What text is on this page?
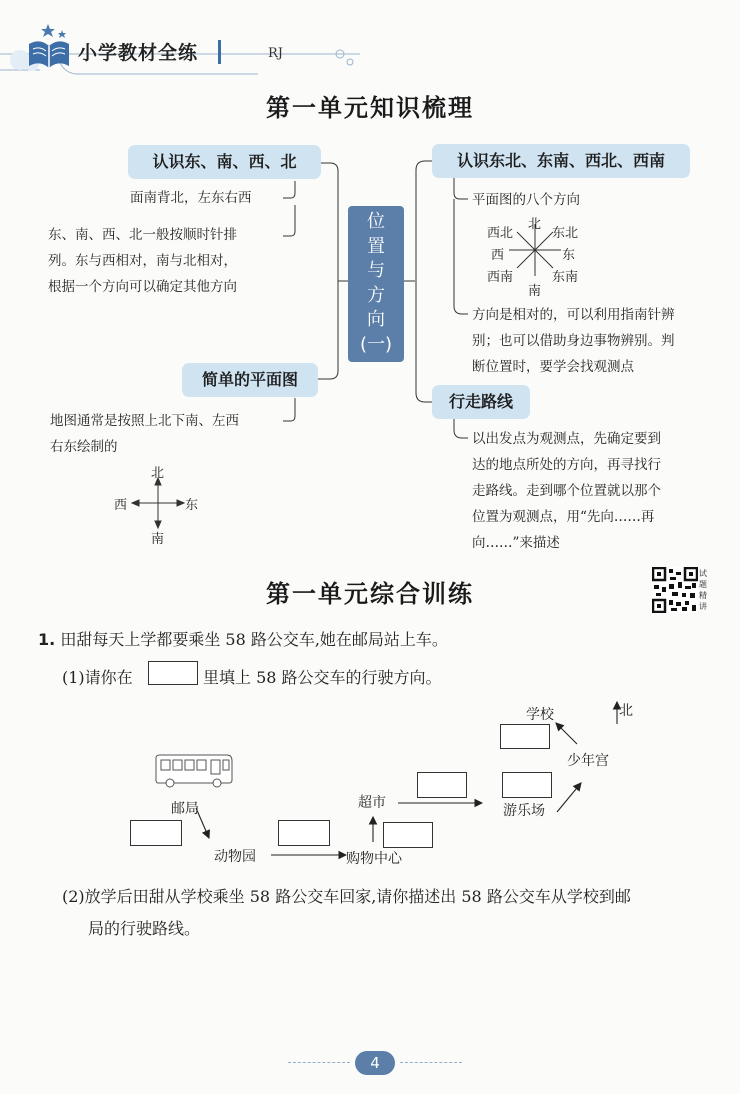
小学教材全练	RJ
第一单元知识梳理
认识东、南、西、北
面南背北，左东右西
东、南、西、北一般按顺时针排
列。东与西相对，南与北相对，
根据一个方向可以确定其他方向
位
置
与
方
向
(一)
简单的平面图
地图通常是按照上北下南、左西
右东绘制的
北
南
西	东
认识东北、东南、西北、西南
平面图的八个方向
北
东北
东
东南
南
西南
西
西北
方向是相对的，可以利用指南针辨
别；也可以借助身边事物辨别。判
断位置时，要学会找观测点
行走路线
以出发点为观测点，先确定要到
达的地点所处的方向，再寻找行
走路线。走到哪个位置就以那个
位置为观测点，用“先向……再
向……”来描述
第一单元综合训练
试
题
精
讲
1. 田甜每天上学都要乘坐 58 路公交车,她在邮局站上车。
(1)请你在	里填上 58 路公交车的行驶方向。
北
邮局
动物园	购物中心
超市	游乐场
少年宫
学校
(2)放学后田甜从学校乘坐 58 路公交车回家,请你描述出 58 路公交车从学校到邮
局的行驶路线。
4
